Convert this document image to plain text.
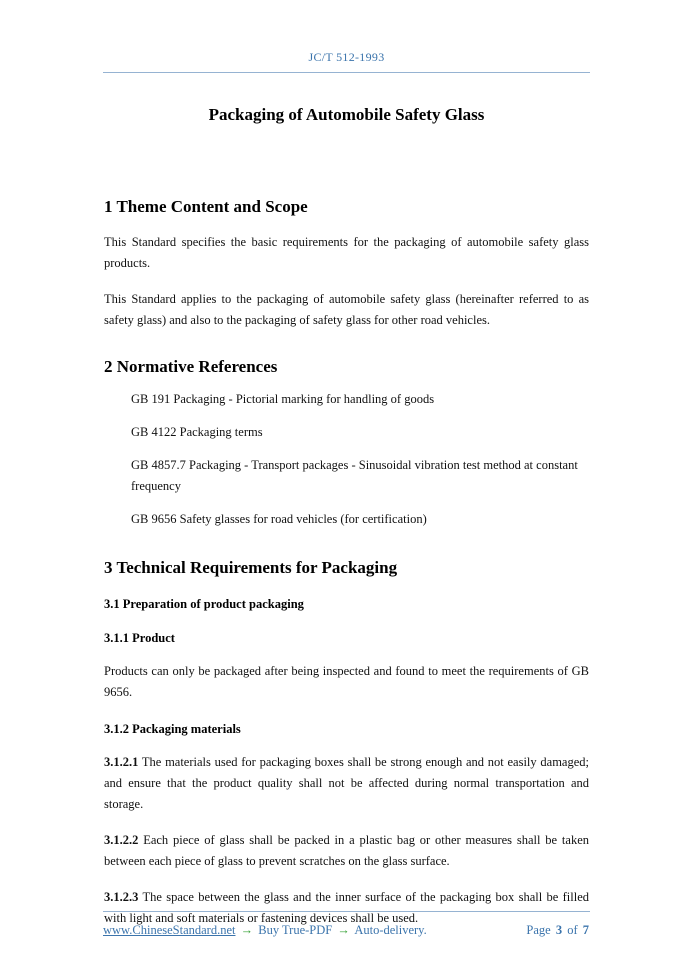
JC/T 512-1993
Packaging of Automobile Safety Glass
1 Theme Content and Scope

This Standard specifies the basic requirements for the packaging of automobile safety glass products.

This Standard applies to the packaging of automobile safety glass (hereinafter referred to as safety glass) and also to the packaging of safety glass for other road vehicles.

2 Normative References

GB 191 Packaging - Pictorial marking for handling of goods

GB 4122 Packaging terms

GB 4857.7 Packaging - Transport packages - Sinusoidal vibration test method at constant frequency

GB 9656 Safety glasses for road vehicles (for certification)

3 Technical Requirements for Packaging
3.1 Preparation of product packaging
3.1.1 Product

Products can only be packaged after being inspected and found to meet the requirements of GB 9656.

3.1.2 Packaging materials

3.1.2.1 The materials used for packaging boxes shall be strong enough and not easily damaged; and ensure that the product quality shall not be affected during normal transportation and storage.

3.1.2.2 Each piece of glass shall be packed in a plastic bag or other measures shall be taken between each piece of glass to prevent scratches on the glass surface.

3.1.2.3 The space between the glass and the inner surface of the packaging box shall be filled with light and soft materials or fastening devices shall be used.

www.ChineseStandard.net → Buy True-PDF → Auto-delivery.	Page 3 of 7
